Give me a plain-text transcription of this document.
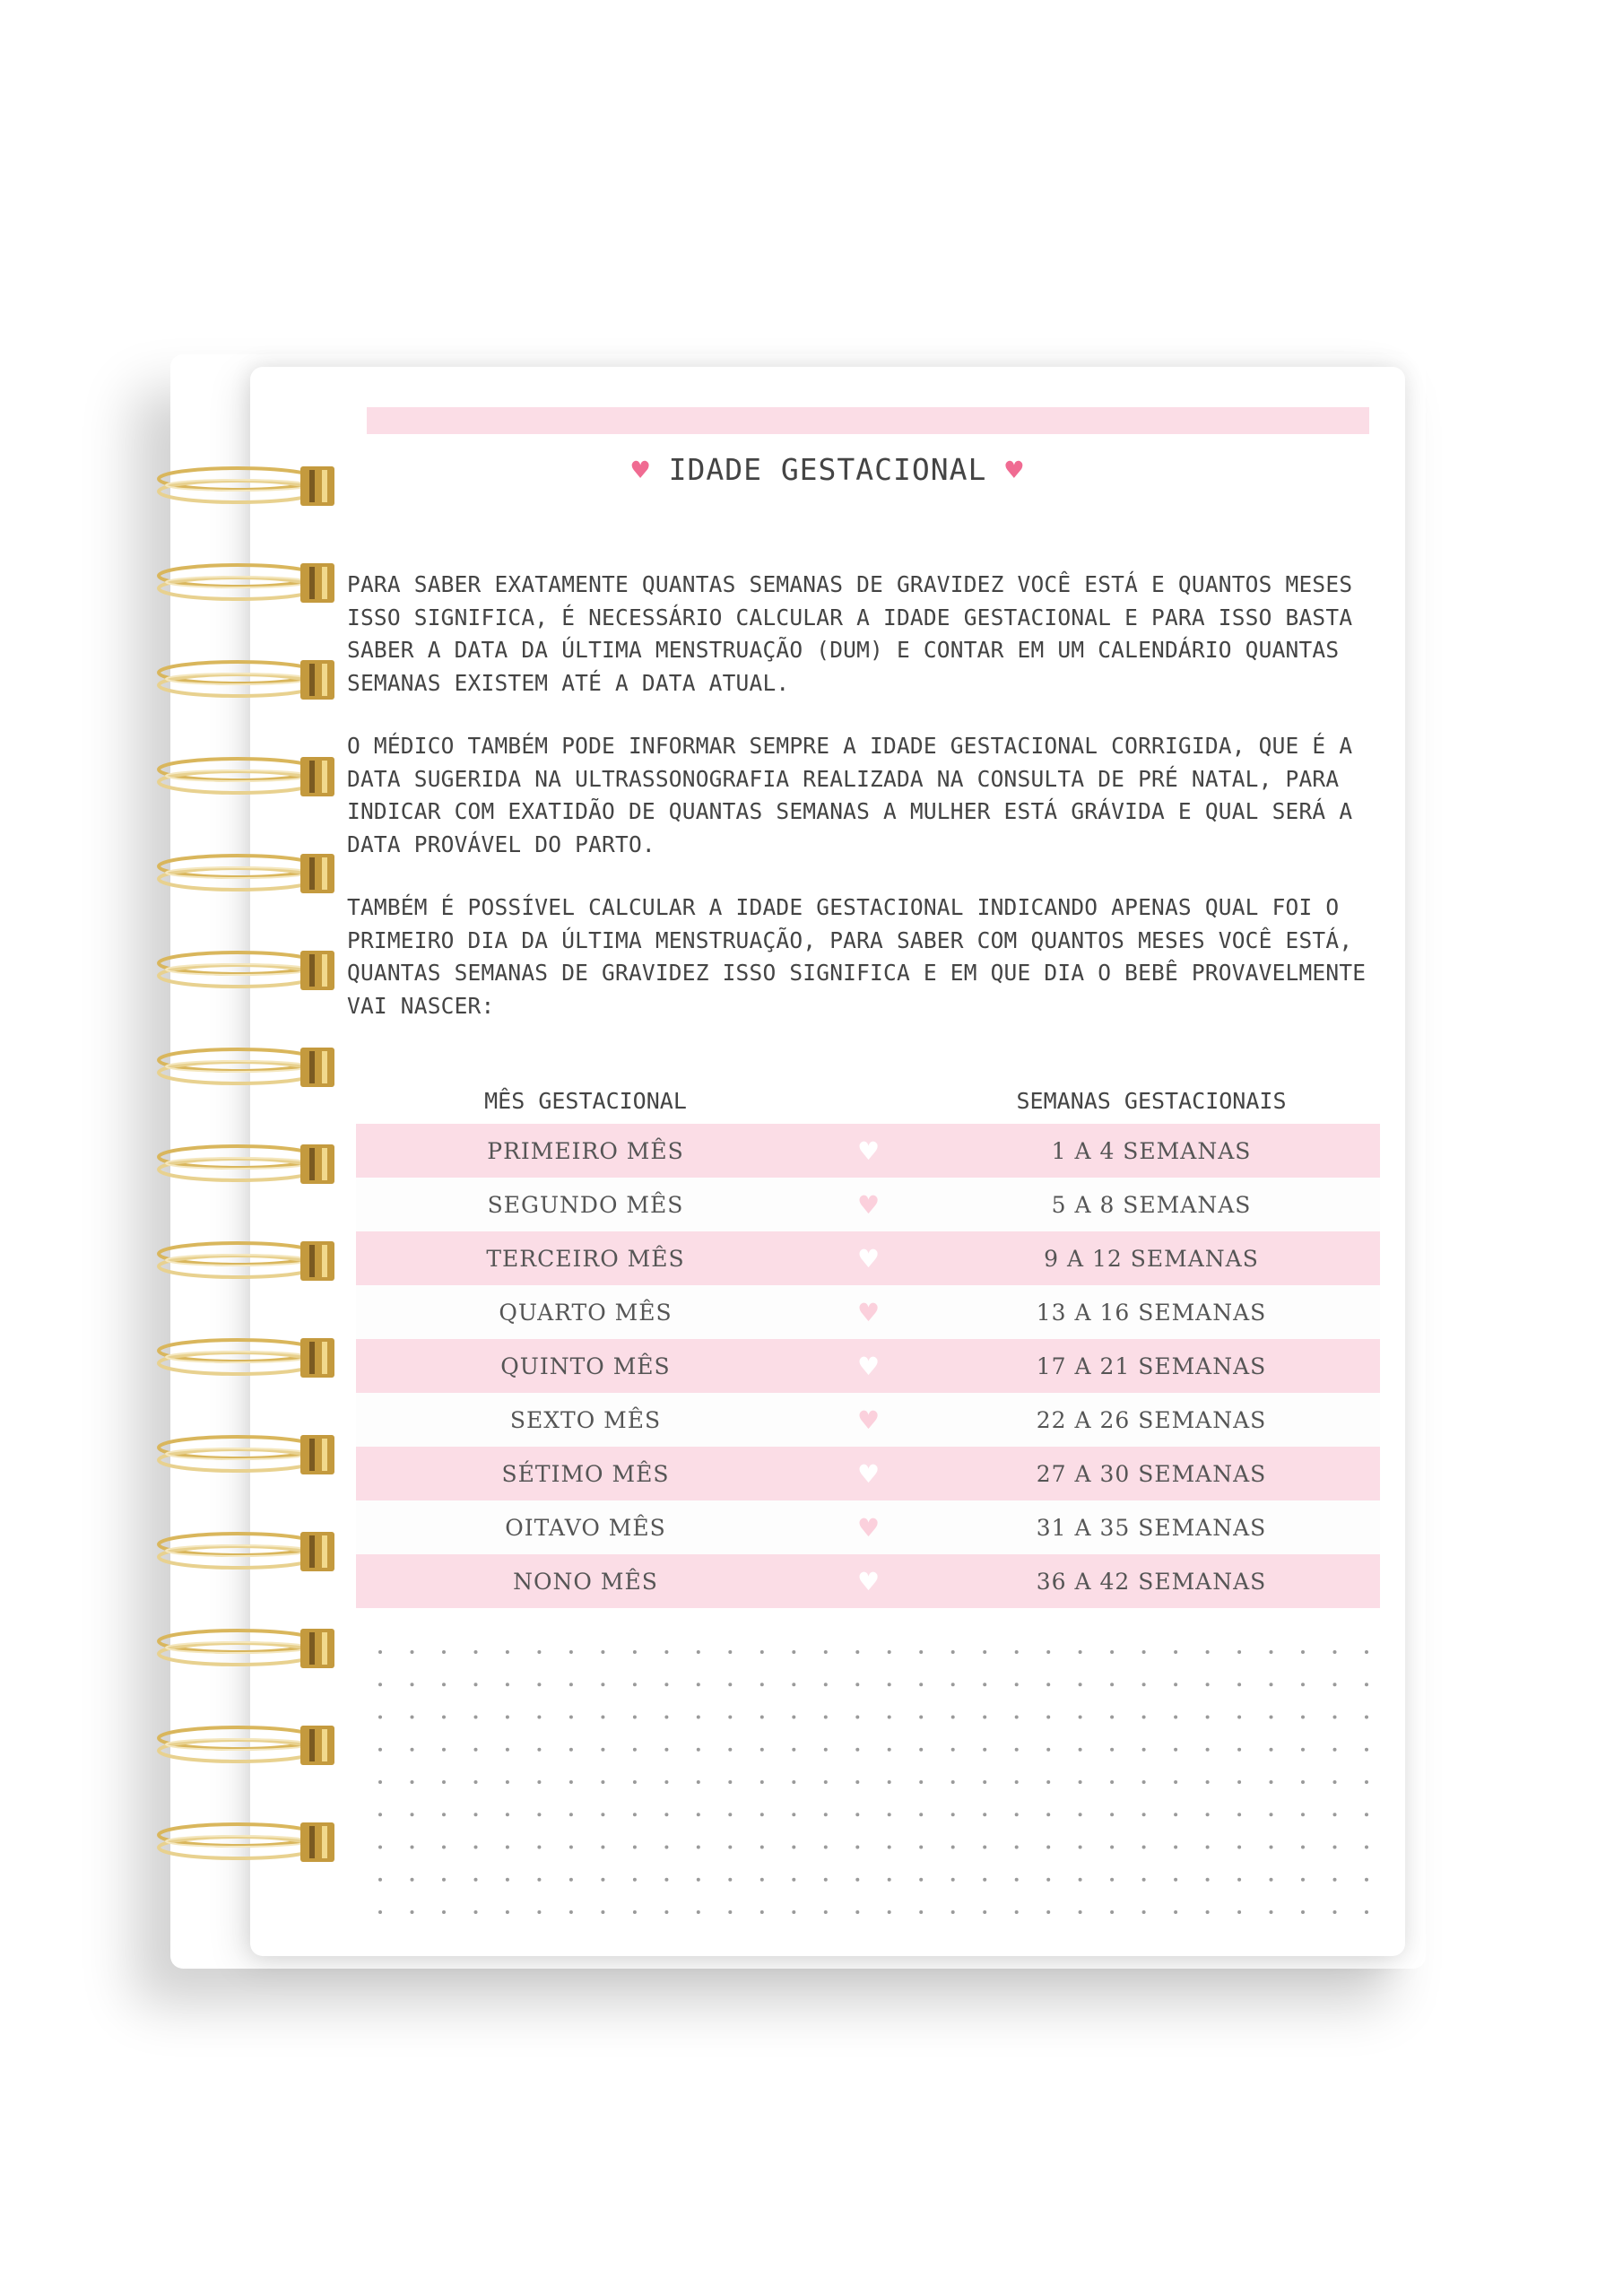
♥ IDADE GESTACIONAL ♥

PARA SABER EXATAMENTE QUANTAS SEMANAS DE GRAVIDEZ VOCÊ ESTÁ E QUANTOS MESES ISSO SIGNIFICA, É NECESSÁRIO CALCULAR A IDADE GESTACIONAL E PARA ISSO BASTA SABER A DATA DA ÚLTIMA MENSTRUAÇÃO (DUM) E CONTAR EM UM CALENDÁRIO QUANTAS SEMANAS EXISTEM ATÉ A DATA ATUAL.

O MÉDICO TAMBÉM PODE INFORMAR SEMPRE A IDADE GESTACIONAL CORRIGIDA, QUE É A DATA SUGERIDA NA ULTRASSONOGRAFIA REALIZADA NA CONSULTA DE PRÉ NATAL, PARA INDICAR COM EXATIDÃO DE QUANTAS SEMANAS A MULHER ESTÁ GRÁVIDA E QUAL SERÁ A DATA PROVÁVEL DO PARTO.

TAMBÉM É POSSÍVEL CALCULAR A IDADE GESTACIONAL INDICANDO APENAS QUAL FOI O PRIMEIRO DIA DA ÚLTIMA MENSTRUAÇÃO, PARA SABER COM QUANTOS MESES VOCÊ ESTÁ, QUANTAS SEMANAS DE GRAVIDEZ ISSO SIGNIFICA E EM QUE DIA O BEBÊ PROVAVELMENTE VAI NASCER:

MÊS GESTACIONAL	SEMANAS GESTACIONAIS
PRIMEIRO MÊS	♥	1 A 4 SEMANAS
SEGUNDO MÊS	♥	5 A 8 SEMANAS
TERCEIRO MÊS	♥	9 A 12 SEMANAS
QUARTO MÊS	♥	13 A 16 SEMANAS
QUINTO MÊS	♥	17 A 21 SEMANAS
SEXTO MÊS	♥	22 A 26 SEMANAS
SÉTIMO MÊS	♥	27 A 30 SEMANAS
OITAVO MÊS	♥	31 A 35 SEMANAS
NONO MÊS	♥	36 A 42 SEMANAS
